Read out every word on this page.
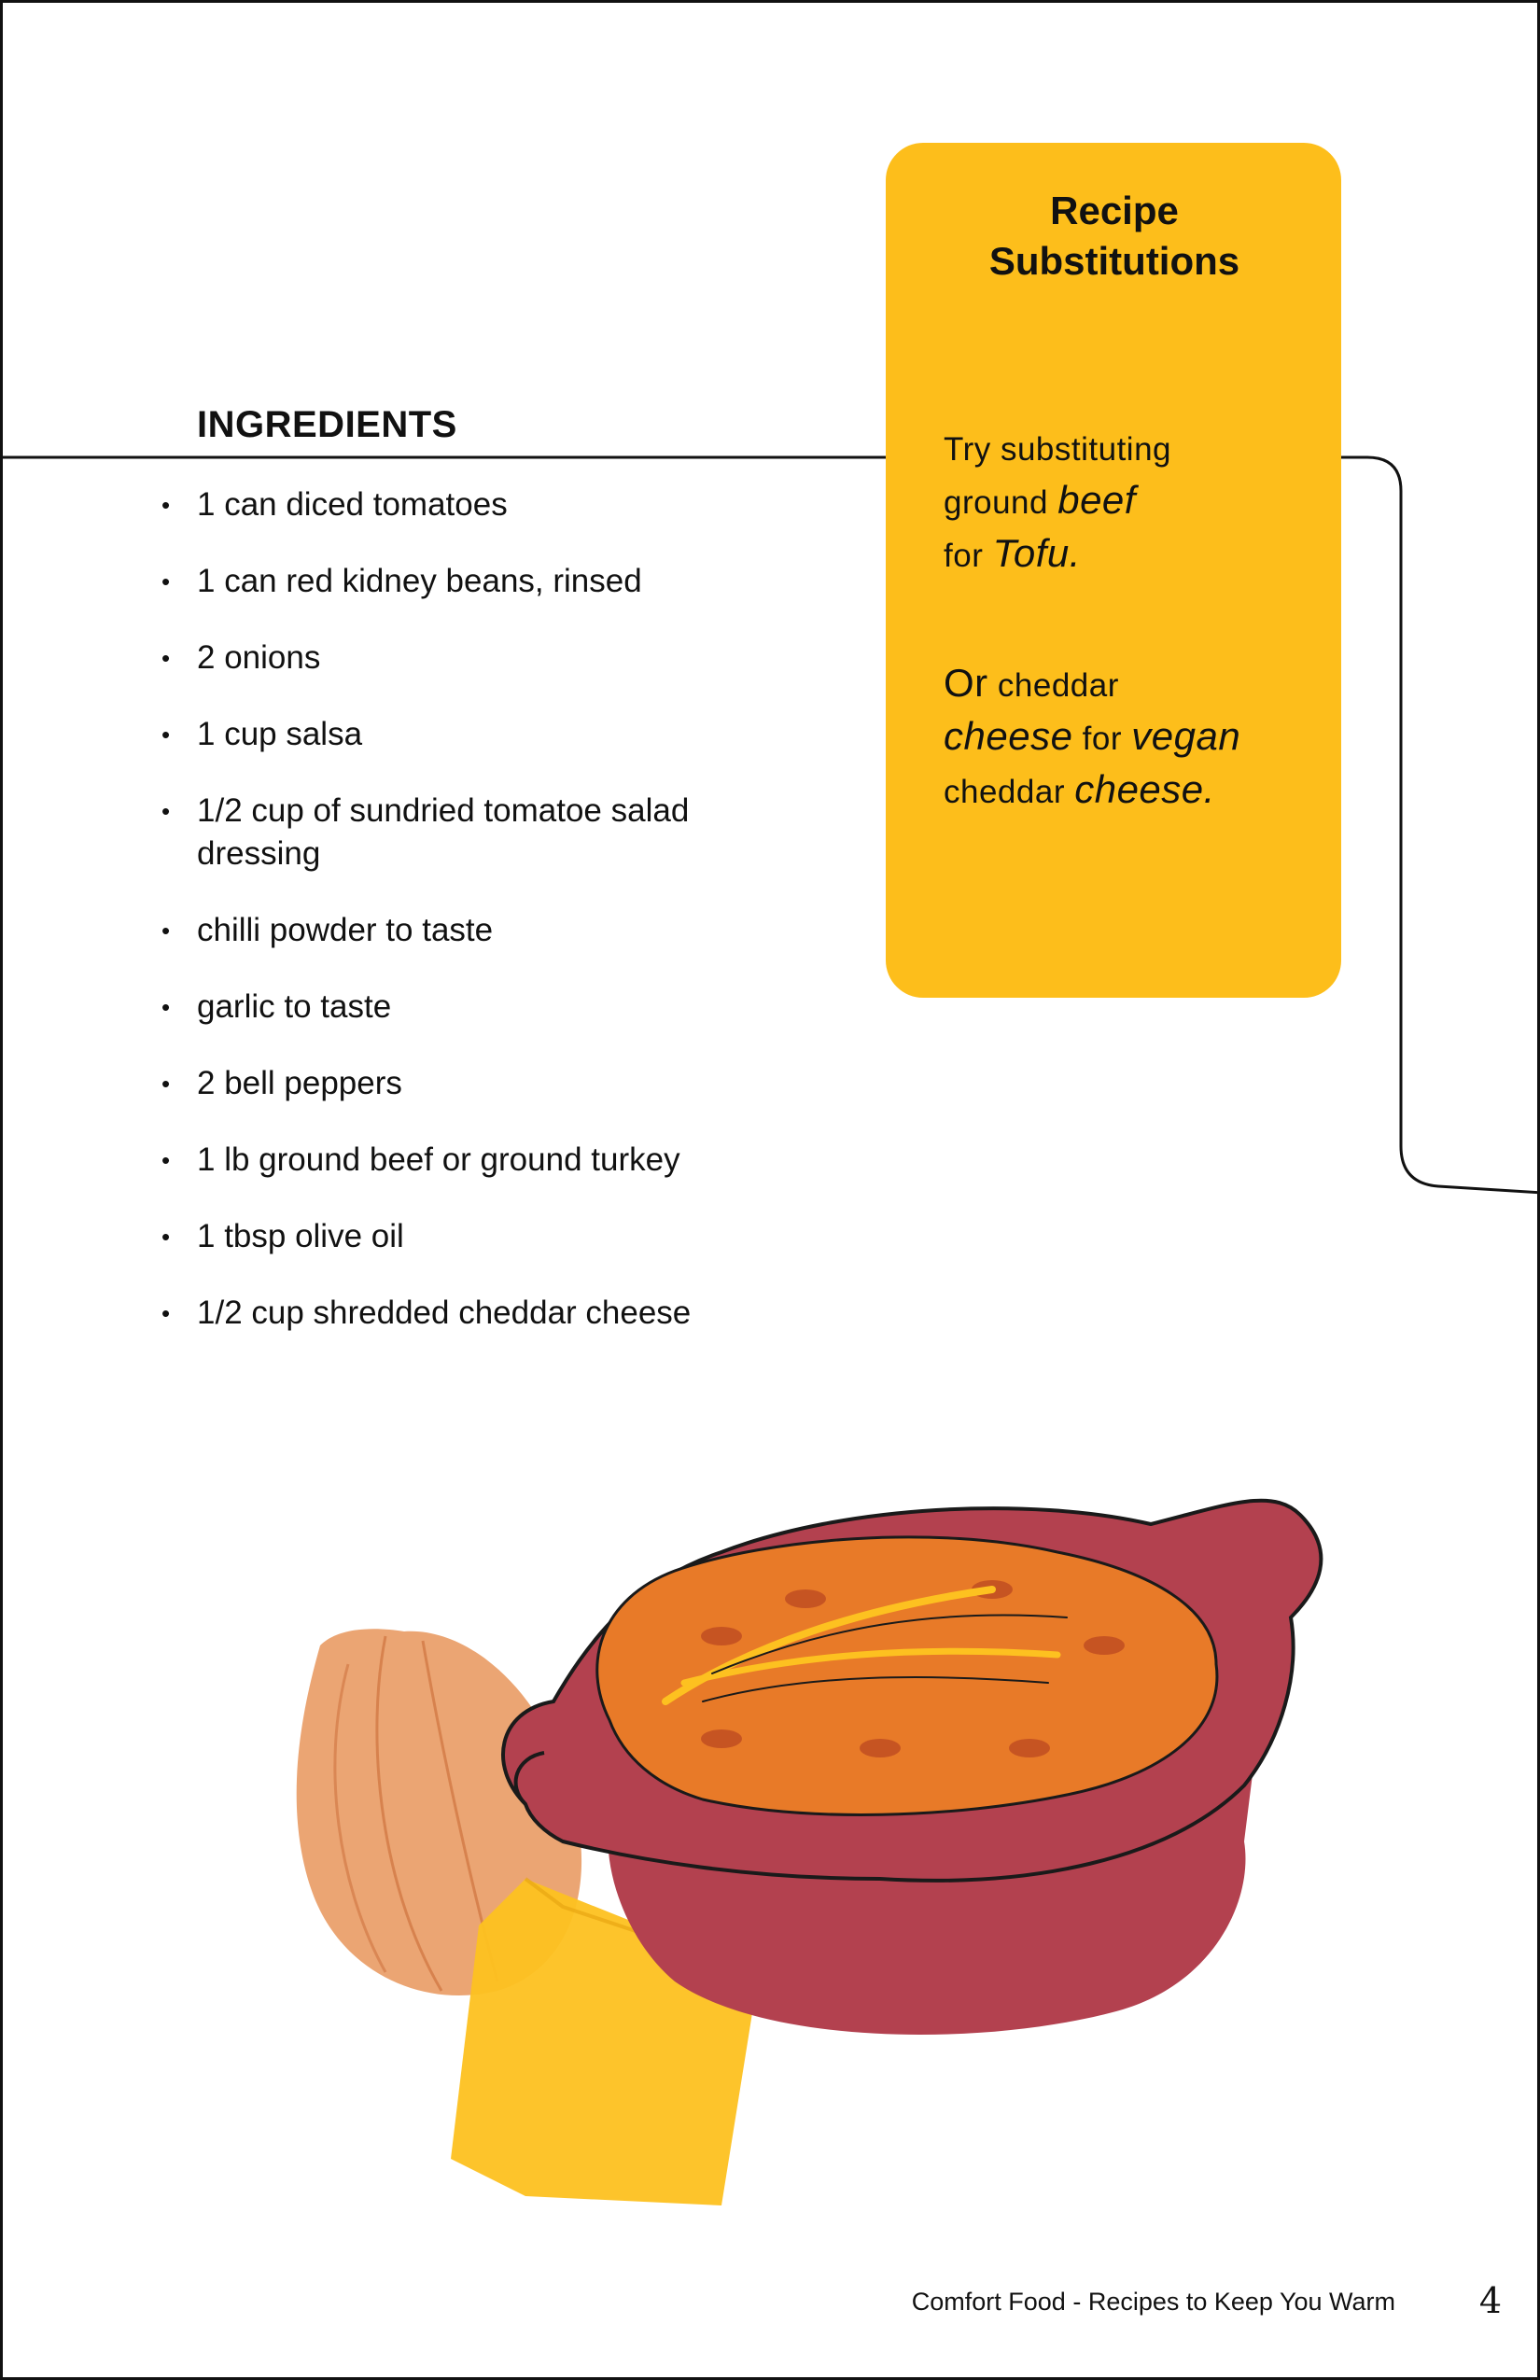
INGREDIENTS
• 1 can diced tomatoes
• 1 can red kidney beans, rinsed
• 2 onions
• 1 cup salsa
• 1/2 cup of sundried tomatoe salad dressing
• chilli powder to taste
• garlic to taste
• 2 bell peppers
• 1 lb ground beef or ground turkey
• 1 tbsp olive oil
• 1/2 cup shredded cheddar cheese
Recipe Substitutions
Try substituting
ground beef
for Tofu.
Or cheddar
cheese for vegan
cheddar cheese.
Comfort Food - Recipes to Keep You Warm 4
